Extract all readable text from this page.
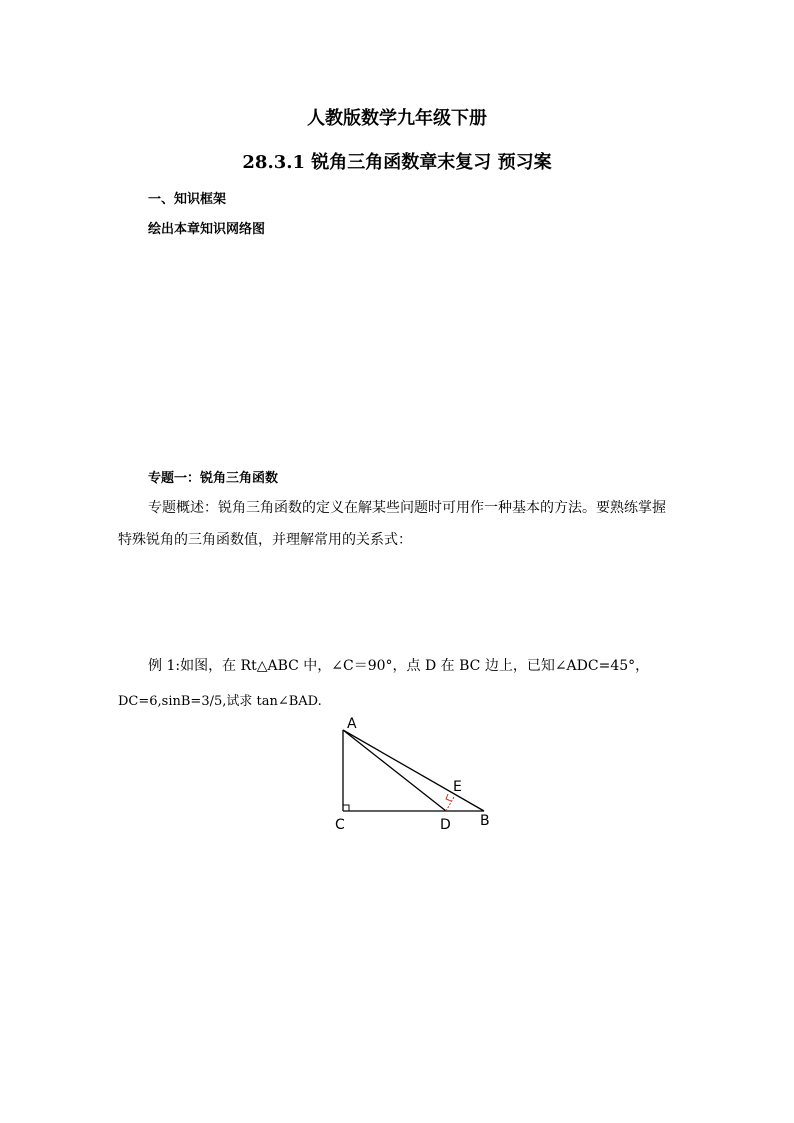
人教版数学九年级下册
28.3.1 锐角三角函数章末复习 预习案
一、知识框架
绘出本章知识网络图
专题一：锐角三角函数
专题概述：锐角三角函数的定义在解某些问题时可用作一种基本的方法。要熟练掌握
特殊锐角的三角函数值，并理解常用的关系式：
例 1:如图，在 Rt△ABC 中，∠C＝90°，点 D 在 BC 边上，已知∠ADC=45°，
DC=6,sinB=3/5,试求 tan∠BAD.
A
E
C	D B
